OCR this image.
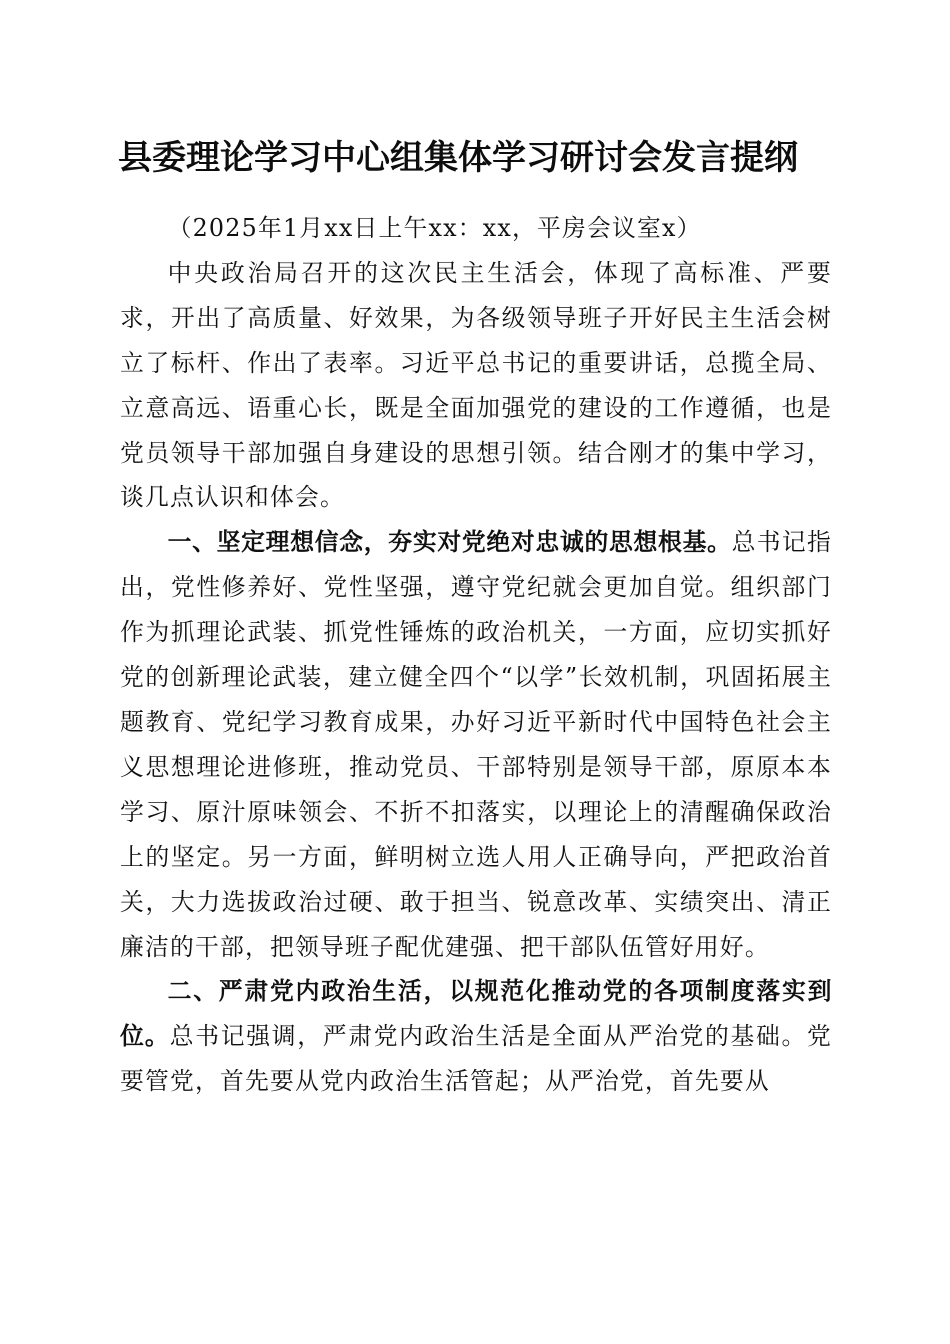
县委理论学习中心组集体学习研讨会发言提纲

（2025年1月xx日上午xx：xx，平房会议室x）

中央政治局召开的这次民主生活会，体现了高标准、严要求，开出了高质量、好效果，为各级领导班子开好民主生活会树立了标杆、作出了表率。习近平总书记的重要讲话，总揽全局、立意高远、语重心长，既是全面加强党的建设的工作遵循，也是党员领导干部加强自身建设的思想引领。结合刚才的集中学习，谈几点认识和体会。

一、坚定理想信念，夯实对党绝对忠诚的思想根基。总书记指出，党性修养好、党性坚强，遵守党纪就会更加自觉。组织部门作为抓理论武装、抓党性锤炼的政治机关，一方面，应切实抓好党的创新理论武装，建立健全四个“以学”长效机制，巩固拓展主题教育、党纪学习教育成果，办好习近平新时代中国特色社会主义思想理论进修班，推动党员、干部特别是领导干部，原原本本学习、原汁原味领会、不折不扣落实，以理论上的清醒确保政治上的坚定。另一方面，鲜明树立选人用人正确导向，严把政治首关，大力选拔政治过硬、敢于担当、锐意改革、实绩突出、清正廉洁的干部，把领导班子配优建强、把干部队伍管好用好。

二、严肃党内政治生活，以规范化推动党的各项制度落实到位。总书记强调，严肃党内政治生活是全面从严治党的基础。党要管党，首先要从党内政治生活管起；从严治党，首先要从
